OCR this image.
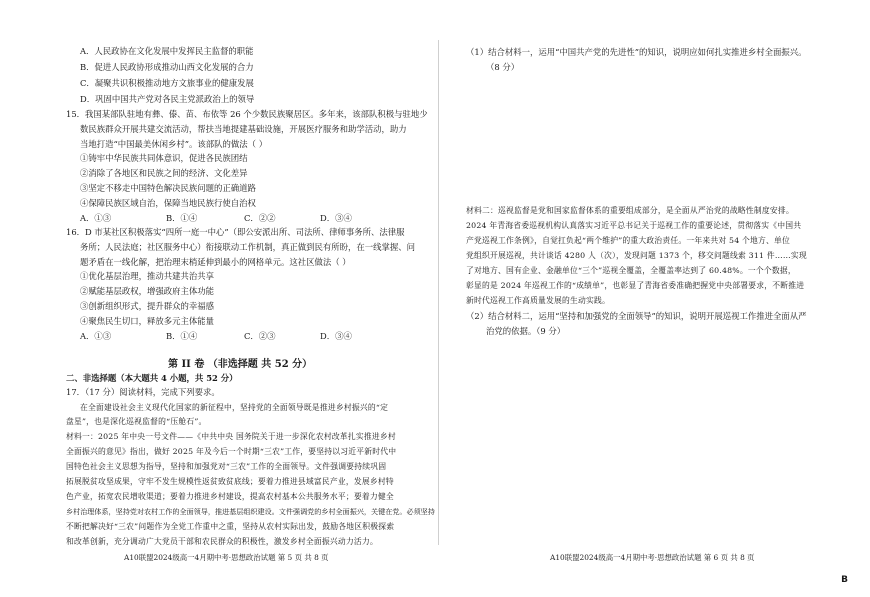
A．人民政协在文化发展中发挥民主监督的职能
B．促进人民政协形成推动山西文化发展的合力
C．凝聚共识积极推动地方文旅事业的健康发展
D．巩固中国共产党对各民主党派政治上的领导
15．我国某部队驻地有彝、傣、苗、布依等 26 个少数民族聚居区。多年来，该部队积极与驻地少
数民族群众开展共建交流活动，帮扶当地提建基础设施，开展医疗服务和助学活动，助力
当地打造“中国最美休闲乡村”。该部队的做法（ ）
①铸牢中华民族共同体意识，促进各民族团结
②消除了各地区和民族之间的经济、文化差异
③坚定不移走中国特色解决民族问题的正确道路
④保障民族区域自治，保障当地民族行使自治权
A．①③	B．①④	C．②②	D．③④
16．D 市某社区积极落实“四所一庭一中心”（即公安派出所、司法所、律师事务所、法律服
务所；人民法庭；社区服务中心）衔接联动工作机制，真正做到民有所盼，在一线掌握、问
题矛盾在一线化解，把治理末梢延伸到最小的网格单元。这社区做法（ ）
①优化基层治理，推动共建共治共享
②赋能基层政权，增强政府主体功能
③创新组织形式，提升群众的幸福感
④聚焦民生切口，释放多元主体能量
A．①③	B．①④	C．②③	D．③④
第 II 卷 （非选择题 共 52 分）
二、非选择题（本大题共 4 小题，共 52 分）
17．（17 分）阅读材料，完成下列要求。
在全面建设社会主义现代化国家的新征程中，坚持党的全面领导既是推进乡村振兴的“定
盘星”，也是深化巡视监督的“压舱石”。
材料一：2025 年中央一号文件——《中共中央 国务院关于进一步深化农村改革扎实推进乡村
全面振兴的意见》指出，做好 2025 年及今后一个时期“三农”工作，要坚持以习近平新时代中
国特色社会主义思想为指导，坚持和加强党对“三农”工作的全面领导。文件强调要持续巩固
拓展脱贫攻坚成果，守牢不发生规模性返贫致贫底线；要着力推进县域富民产业，发展乡村特
色产业，拓宽农民增收渠道；要着力推进乡村建设，提高农村基本公共服务水平；要着力健全
乡村治理体系，坚持党对农村工作的全面领导，推进基层组织建设。文件强调党的乡村全面振兴，关键在党。必须坚持
不断把解决好“三农”问题作为全党工作重中之重，坚持从农村实际出发，鼓励各地区积极探索
和改革创新，充分调动广大党员干部和农民群众的积极性，激发乡村全面振兴动力活力。
A10联盟2024级高一4月期中考·思想政治试题 第 5 页 共 8 页
（1）结合材料一，运用“中国共产党的先进性”的知识，说明应如何扎实推进乡村全面振兴。
（8 分）
材料二：巡视监督是党和国家监督体系的重要组成部分，是全面从严治党的战略性制度安排。
2024 年青海省委巡视机构认真落实习近平总书记关于巡视工作的重要论述，贯彻落实《中国共
产党巡视工作条例》，自觉扛负起“两个维护”的重大政治责任。一年来共对 54 个地方、单位
党组织开展巡视，共计谈话 4280 人（次），发现问题 1373 个，移交问题线索 311 件……实现
了对地方、国有企业、金融单位“三个”巡视全覆盖，全覆盖率达到了 60.48%。一个个数据，
彰显的是 2024 年巡视工作的“成绩单”，也彰显了青海省委准确把握党中央部署要求，不断推进
新时代巡视工作高质量发展的生动实践。
（2）结合材料二，运用“坚持和加强党的全面领导”的知识，说明开展巡视工作推进全面从严
治党的依据。（9 分）
A10联盟2024级高一4月期中考·思想政治试题 第 6 页 共 8 页
B
